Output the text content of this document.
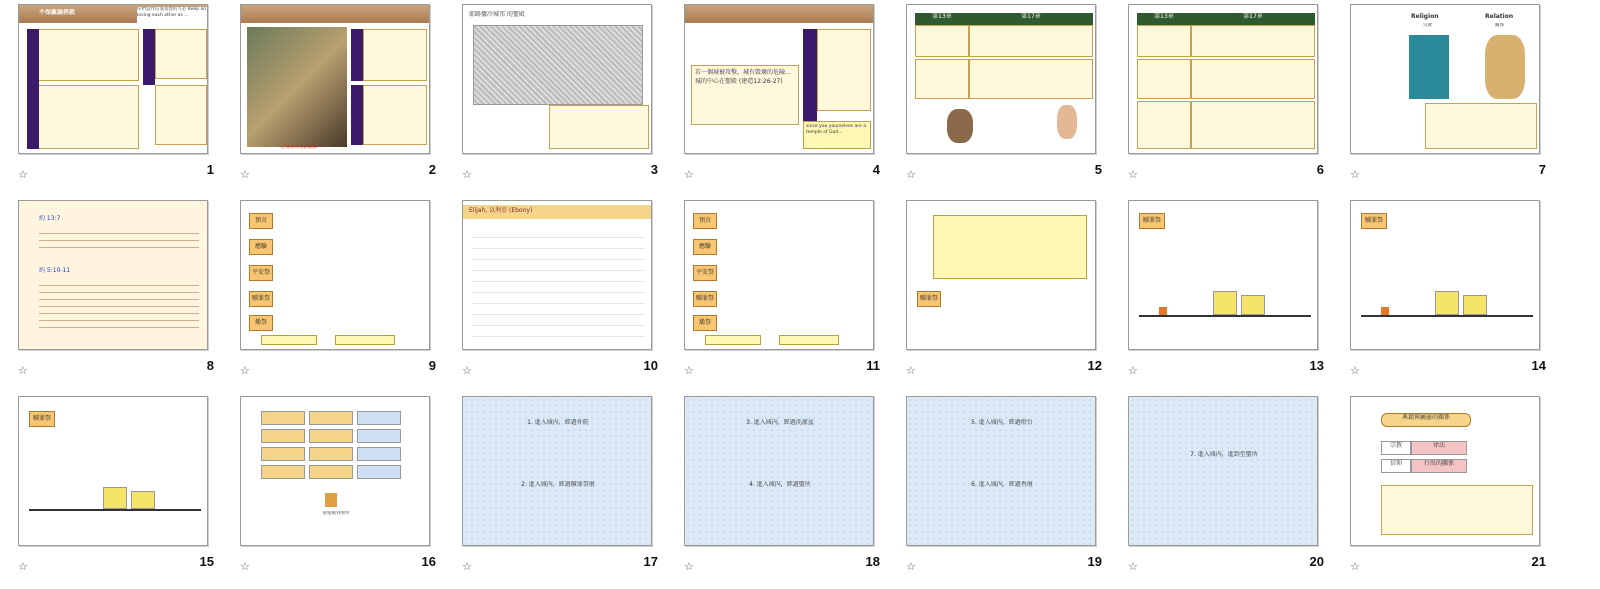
不保羅論拯救	你們當作信靠基督的人必 Keep on loving each other as ...
☆	1
尼哥底母夜訪耶穌
☆	2
耶路撒冷城邦 的聖殿
☆	3
若一個城被攻擊，城有毀壞的危險... 城的中心在聖殿 (建造12:26-27)
since you yourselves are a temple of God...
☆	4
第13章	第17章
☆	5
第13章	第17章
☆	6
Religion
宗教
Relation
關係
☆	7
約 13:7
約 5:10-11
☆	8
預言
應驗
平安祭
贖罪祭
燔祭
☆	9
Elijah, 以利亞 (Ebony)
☆	10
預言
應驗
平安祭
贖罪祭
燔祭
☆	11
贖罪祭
☆	12
贖罪祭
☆	13
贖罪祭
☆	14
贖罪祭
☆	15
從聖殿到聖所
☆	16
1. 進入城內，經過外院
2. 進入城內，經過贖罪祭壇
☆	17
3. 進入城內，經過洗濯盆
4. 進入城內，經過聖所
☆	18
5. 進入城內，經過燈台
6. 進入城內，經過香壇
☆	19
7. 進入城內，進到至聖所
☆	20
典籍與屬靈的關係
宗教	律法
信仰	行出的關係
☆	21
